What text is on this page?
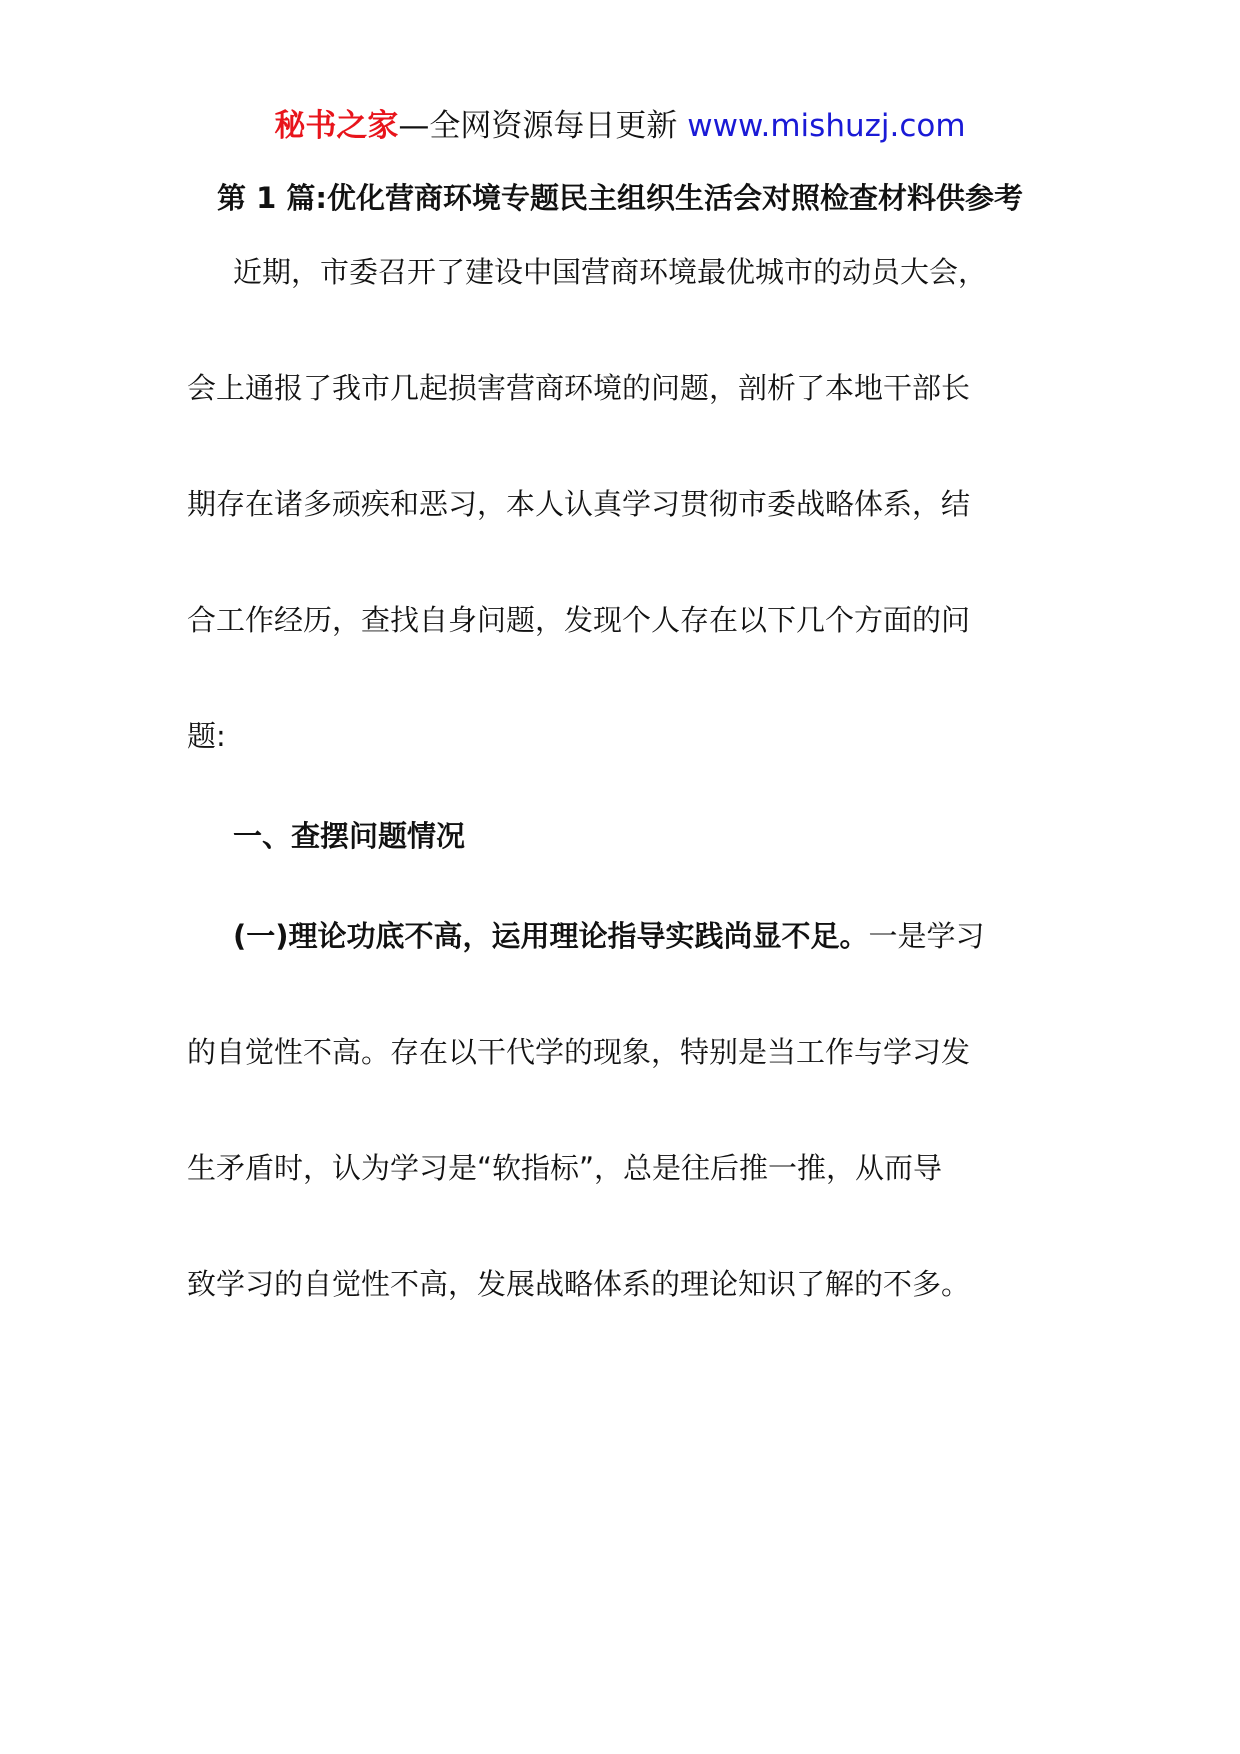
秘书之家—全网资源每日更新 www.mishuzj.com
第 1 篇:优化营商环境专题民主组织生活会对照检查材料供参考
近期，市委召开了建设中国营商环境最优城市的动员大会，
会上通报了我市几起损害营商环境的问题，剖析了本地干部长
期存在诸多顽疾和恶习，本人认真学习贯彻市委战略体系，结
合工作经历，查找自身问题，发现个人存在以下几个方面的问
题:
一、查摆问题情况
(一)理论功底不高，运用理论指导实践尚显不足。一是学习
的自觉性不高。存在以干代学的现象，特别是当工作与学习发
生矛盾时，认为学习是“软指标”，总是往后推一推，从而导
致学习的自觉性不高，发展战略体系的理论知识了解的不多。
